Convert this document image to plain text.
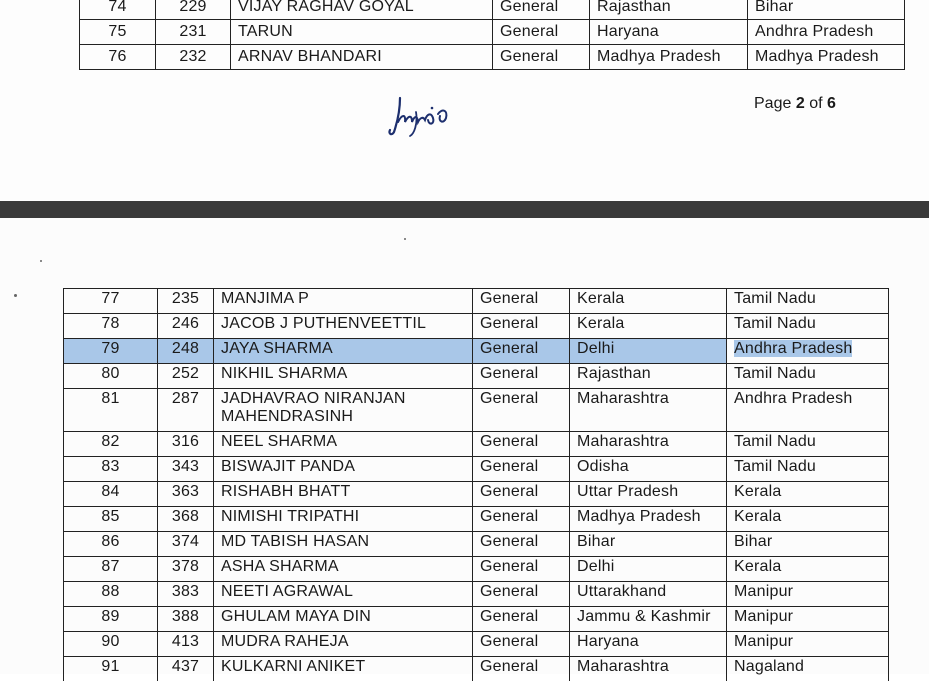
74	229	VIJAY RAGHAV GOYAL	General	Rajasthan	Bihar
75	231	TARUN	General	Haryana	Andhra Pradesh
76	232	ARNAV BHANDARI	General	Madhya Pradesh	Madhya Pradesh
Page 2 of 6
77	235	MANJIMA P	General	Kerala	Tamil Nadu
78	246	JACOB J PUTHENVEETTIL	General	Kerala	Tamil Nadu
79	248	JAYA SHARMA	General	Delhi	Andhra Pradesh
80	252	NIKHIL SHARMA	General	Rajasthan	Tamil Nadu
81	287	JADHAVRAO NIRANJAN MAHENDRASINH	General	Maharashtra	Andhra Pradesh
82	316	NEEL SHARMA	General	Maharashtra	Tamil Nadu
83	343	BISWAJIT PANDA	General	Odisha	Tamil Nadu
84	363	RISHABH BHATT	General	Uttar Pradesh	Kerala
85	368	NIMISHI TRIPATHI	General	Madhya Pradesh	Kerala
86	374	MD TABISH HASAN	General	Bihar	Bihar
87	378	ASHA SHARMA	General	Delhi	Kerala
88	383	NEETI AGRAWAL	General	Uttarakhand	Manipur
89	388	GHULAM MAYA DIN	General	Jammu & Kashmir	Manipur
90	413	MUDRA RAHEJA	General	Haryana	Manipur
91	437	KULKARNI ANIKET	General	Maharashtra	Nagaland
